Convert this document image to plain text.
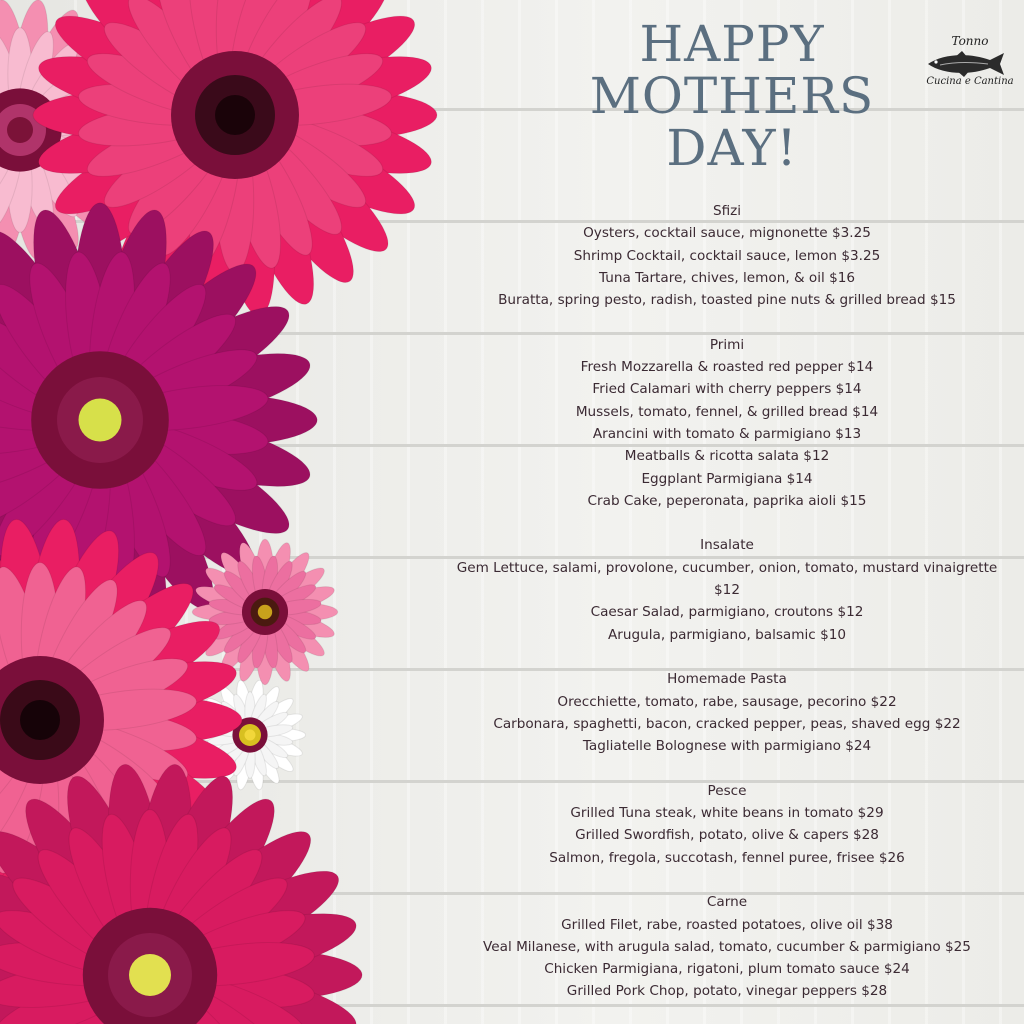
HAPPY
MOTHERS
DAY!
Tonno
Cucina e Cantina
Sfizi
Oysters, cocktail sauce, mignonette $3.25
Shrimp Cocktail, cocktail sauce, lemon $3.25
Tuna Tartare, chives, lemon, & oil $16
Buratta, spring pesto, radish, toasted pine nuts & grilled bread $15
Primi
Fresh Mozzarella & roasted red pepper $14
Fried Calamari with cherry peppers $14
Mussels, tomato, fennel, & grilled bread $14
Arancini with tomato & parmigiano $13
Meatballs & ricotta salata $12
Eggplant Parmigiana $14
Crab Cake, peperonata, paprika aioli $15
Insalate
Gem Lettuce, salami, provolone, cucumber, onion, tomato, mustard vinaigrette $12
Caesar Salad, parmigiano, croutons $12
Arugula, parmigiano, balsamic $10
Homemade Pasta
Orecchiette, tomato, rabe, sausage, pecorino $22
Carbonara, spaghetti, bacon, cracked pepper, peas, shaved egg $22
Tagliatelle Bolognese with parmigiano $24
Pesce
Grilled Tuna steak, white beans in tomato $29
Grilled Swordfish, potato, olive & capers $28
Salmon, fregola, succotash, fennel puree, frisee $26
Carne
Grilled Filet, rabe, roasted potatoes, olive oil $38
Veal Milanese, with arugula salad, tomato, cucumber & parmigiano $25
Chicken Parmigiana, rigatoni, plum tomato sauce $24
Grilled Pork Chop, potato, vinegar peppers $28
